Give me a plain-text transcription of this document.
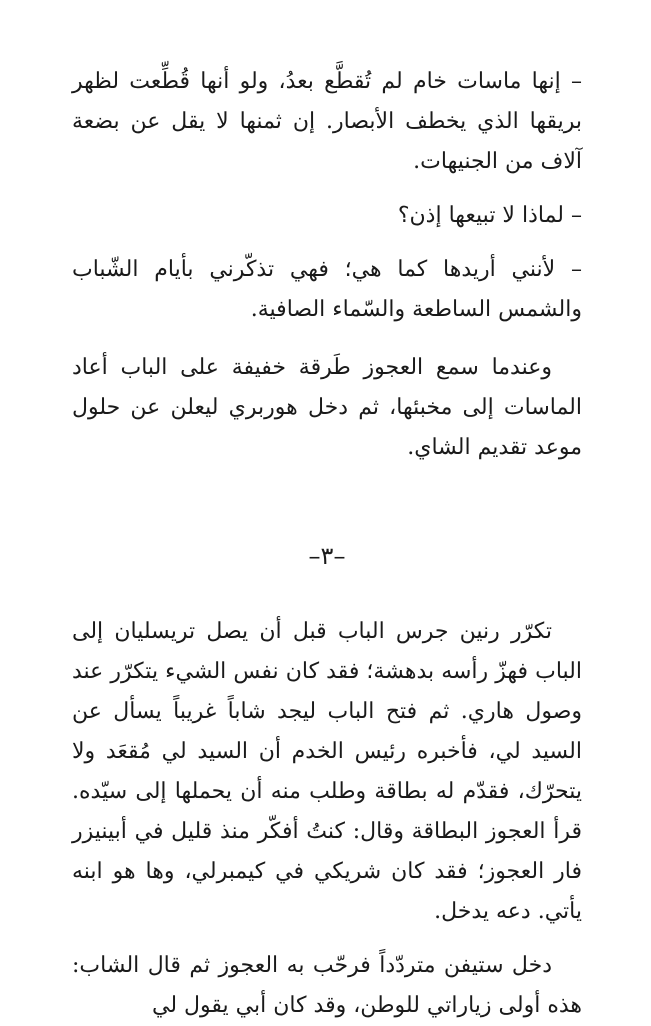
– إنها ماسات خام لم تُقطَّع بعدُ، ولو أنها قُطِّعت لظهر بريقها الذي يخطف الأبصار. إن ثمنها لا يقل عن بضعة آلاف من الجنيهات.

– لماذا لا تبيعها إذن؟

– لأنني أريدها كما هي؛ فهي تذكّرني بأيام الشّباب والشمس الساطعة والسّماء الصافية.

وعندما سمع العجوز طَرقة خفيفة على الباب أعاد الماسات إلى مخبئها، ثم دخل هوربري ليعلن عن حلول موعد تقديم الشاي.

–٣–

تكرّر رنين جرس الباب قبل أن يصل تريسليان إلى الباب فهزّ رأسه بدهشة؛ فقد كان نفس الشيء يتكرّر عند وصول هاري. ثم فتح الباب ليجد شاباً غريباً يسأل عن السيد لي، فأخبره رئيس الخدم أن السيد لي مُقعَد ولا يتحرّك، فقدّم له بطاقة وطلب منه أن يحملها إلى سيّده. قرأ العجوز البطاقة وقال: كنتُ أفكّر منذ قليل في أبينيزر فار العجوز؛ فقد كان شريكي في كيمبرلي، وها هو ابنه يأتي. دعه يدخل.

دخل ستيفن متردّداً فرحّب به العجوز ثم قال الشاب: هذه أولى زياراتي للوطن، وقد كان أبي يقول لي
